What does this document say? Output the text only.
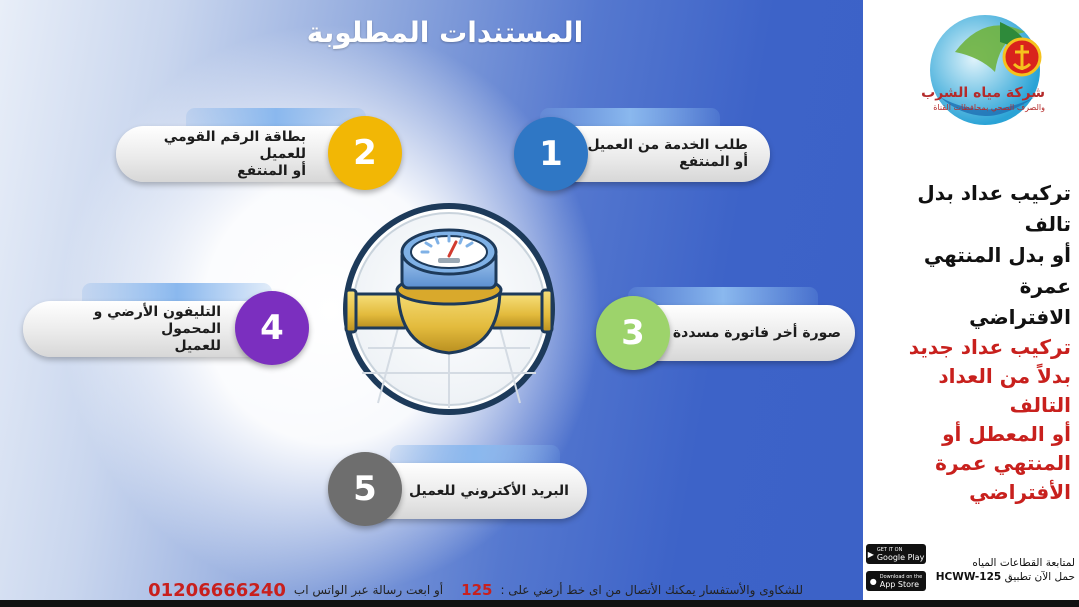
المستندات المطلوبة
طلب الخدمة من العميل
أو المنتفع
1
بطاقة الرقم القومي للعميل
أو المنتفع 2
صورة أخر فاتورة مسددة
3
التليفون الأرضي و المحمول
للعميل 4
البريد الأكتروني للعميل
5
للشكاوى والأستفسار يمكنك الأتصال من اى خط أرضي على :
125
أو ابعت رسالة عبر الواتس اب
01206666240
شركة مياه الشرب
والصرف الصحي بمحافظات القناة
تركيب عداد بدل تالف
أو بدل المنتهي عمرة
الافتراضي
تركيب عداد جديد
بدلاً من العداد التالف
أو المعطل أو
المنتهي عمرة
الأفتراضي
▶ GET IT ON
Google Play
● Download on the
App Store
لمتابعة القطاعات المياه
حمل الآن تطبيق HCWW-125
